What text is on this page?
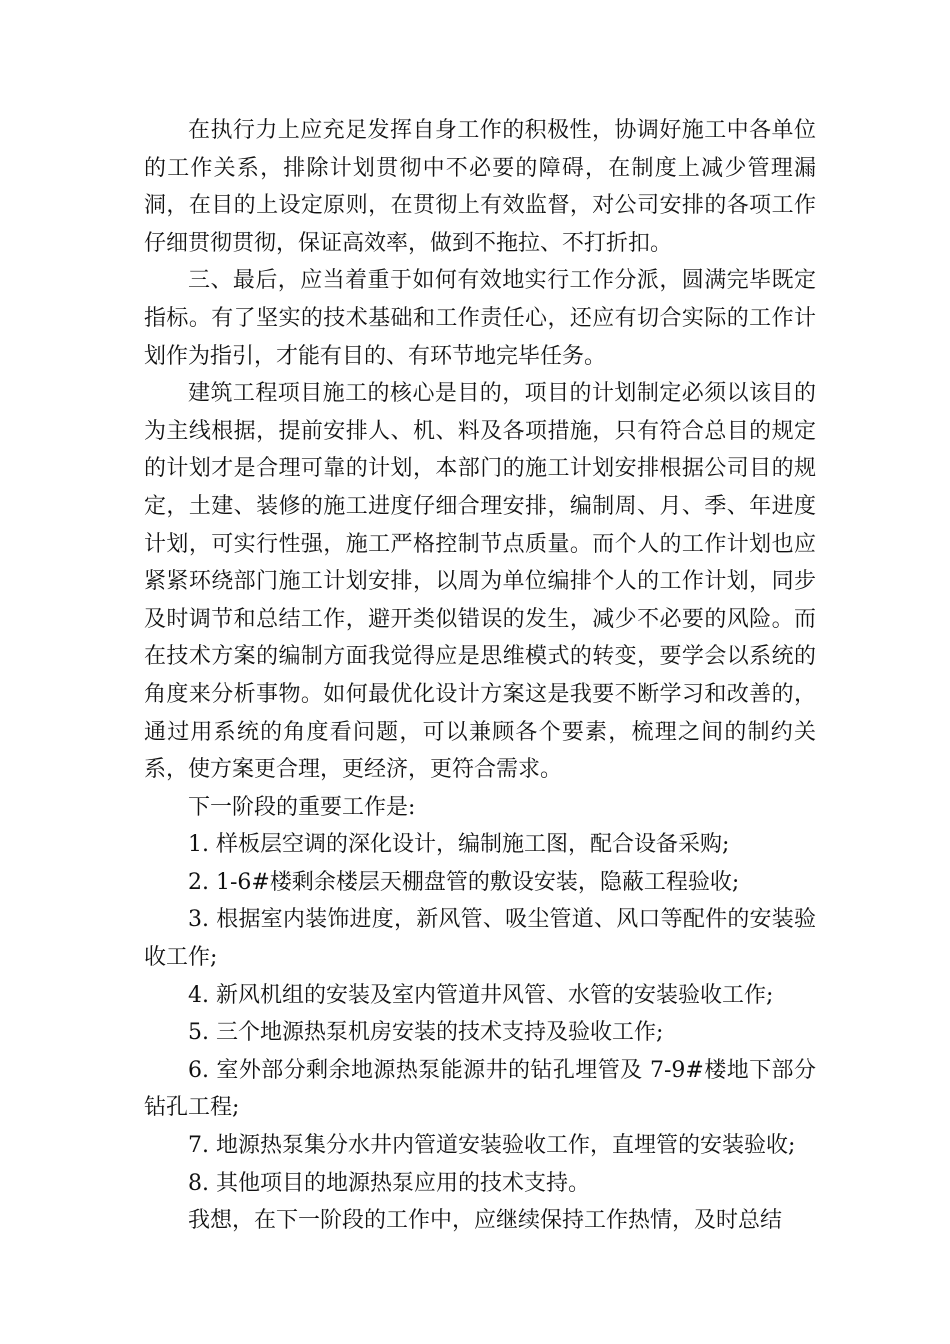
在执行力上应充足发挥自身工作的积极性，协调好施工中各单位的工作关系，排除计划贯彻中不必要的障碍，在制度上减少管理漏洞，在目的上设定原则，在贯彻上有效监督，对公司安排的各项工作仔细贯彻贯彻，保证高效率，做到不拖拉、不打折扣。

三、最后，应当着重于如何有效地实行工作分派，圆满完毕既定指标。有了坚实的技术基础和工作责任心，还应有切合实际的工作计划作为指引，才能有目的、有环节地完毕任务。

建筑工程项目施工的核心是目的，项目的计划制定必须以该目的为主线根据，提前安排人、机、料及各项措施，只有符合总目的规定的计划才是合理可靠的计划，本部门的施工计划安排根据公司目的规定，土建、装修的施工进度仔细合理安排，编制周、月、季、年进度计划，可实行性强，施工严格控制节点质量。而个人的工作计划也应紧紧环绕部门施工计划安排，以周为单位编排个人的工作计划，同步及时调节和总结工作，避开类似错误的发生，减少不必要的风险。而在技术方案的编制方面我觉得应是思维模式的转变，要学会以系统的角度来分析事物。如何最优化设计方案这是我要不断学习和改善的，通过用系统的角度看问题，可以兼顾各个要素，梳理之间的制约关系，使方案更合理，更经济，更符合需求。

下一阶段的重要工作是:

1. 样板层空调的深化设计，编制施工图，配合设备采购;

2. 1-6#楼剩余楼层天棚盘管的敷设安装，隐蔽工程验收;

3. 根据室内装饰进度，新风管、吸尘管道、风口等配件的安装验收工作;

4. 新风机组的安装及室内管道井风管、水管的安装验收工作;

5. 三个地源热泵机房安装的技术支持及验收工作;

6. 室外部分剩余地源热泵能源井的钻孔埋管及 7-9#楼地下部分钻孔工程;

7. 地源热泵集分水井内管道安装验收工作，直埋管的安装验收;

8. 其他项目的地源热泵应用的技术支持。

我想，在下一阶段的工作中，应继续保持工作热情，及时总结
